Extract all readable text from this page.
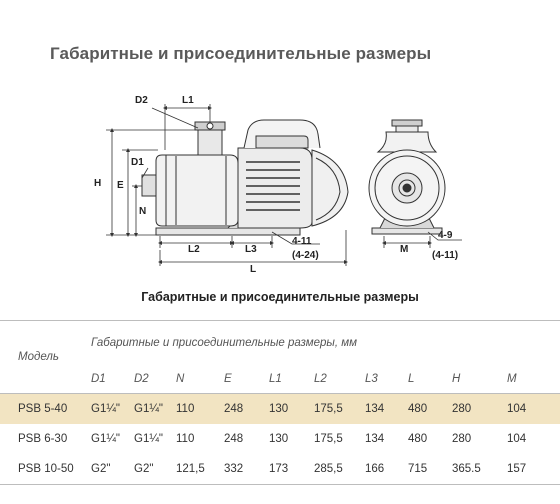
Габаритные и присоединительные размеры
D2	L1
D1
H E
N
L2	L3
L
4-11
(4-24)
M
4-9
(4-11)
Габаритные и присоединительные размеры
Модель	Габаритные и присоединительные размеры, мм									
	D1	D2	N	E	L1	L2	L3	L	H	M
PSB 5-40	G1¼"	G1¼"	110	248	130	175,5	134	480	280	104
PSB 6-30	G1¼"	G1¼"	110	248	130	175,5	134	480	280	104
PSB 10-50	G2"	G2"	121,5	332	173	285,5	166	715	365.5	157
